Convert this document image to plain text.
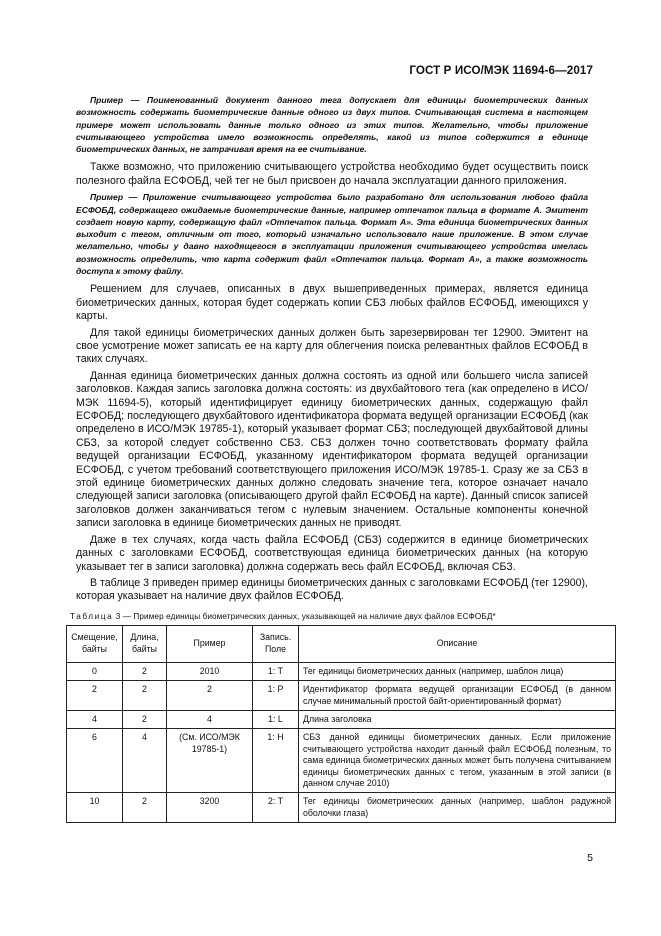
ГОСТ Р ИСО/МЭК 11694-6—2017

Пример — Поименованный документ данного тега допускает для единицы биометрических данных возможность содержать биометрические данные одного из двух типов. Считывающая система в настоящем примере может использовать данные только одного из этих типов. Желательно, чтобы приложение считывающего устройства имело возможность определять, какой из типов содержится в единице биометрических данных, не затрачивая время на ее считывание.

Также возможно, что приложению считывающего устройства необходимо будет осуществить поиск полезного файла ЕСФОБД, чей тег не был присвоен до начала эксплуатации данного приложения.

Пример — Приложение считывающего устройства было разработано для использования любого файла ЕСФОБД, содержащего ожидаемые биометрические данные, например отпечаток пальца в формате А. Эмитент создает новую карту, содержащую файл «Отпечаток пальца. Формат А». Эта единица биометрических данных выходит с тегом, отличным от того, который изначально использовало наше приложение. В этом случае желательно, чтобы у давно находящегося в эксплуатации приложения считывающего устройства имелась возможность определить, что карта содержит файл «Отпечаток пальца. Формат А», а также возможность доступа к этому файлу.

Решением для случаев, описанных в двух вышеприведенных примерах, является единица биометрических данных, которая будет содержать копии СБЗ любых файлов ЕСФОБД, имеющихся у карты.

Для такой единицы биометрических данных должен быть зарезервирован тег 12900. Эмитент на свое усмотрение может записать ее на карту для облегчения поиска релевантных файлов ЕСФОБД в таких случаях.

Данная единица биометрических данных должна состоять из одной или большего числа записей заголовков. Каждая запись заголовка должна состоять: из двухбайтового тега (как определено в ИСО/МЭК 11694-5), который идентифицирует единицу биометрических данных, содержащую файл ЕСФОБД; последующего двухбайтового идентификатора формата ведущей организации ЕСФОБД (как определено в ИСО/МЭК 19785-1), который указывает формат СБЗ; последующей двухбайтовой длины СБЗ, за которой следует собственно СБЗ. СБЗ должен точно соответствовать формату файла ведущей организации ЕСФОБД, указанному идентификатором формата ведущей организации ЕСФОБД, с учетом требований соответствующего приложения ИСО/МЭК 19785-1. Сразу же за СБЗ в этой единице биометрических данных должно следовать значение тега, которое означает начало следующей записи заголовка (описывающего другой файл ЕСФОБД на карте). Данный список записей заголовков должен заканчиваться тегом с нулевым значением. Остальные компоненты конечной записи заголовка в единице биометрических данных не приводят.

Даже в тех случаях, когда часть файла ЕСФОБД (СБЗ) содержится в единице биометрических данных с заголовками ЕСФОБД, соответствующая единица биометрических данных (на которую указывает тег в записи заголовка) должна содержать весь файл ЕСФОБД, включая СБЗ.

В таблице 3 приведен пример единицы биометрических данных с заголовками ЕСФОБД (тег 12900), которая указывает на наличие двух файлов ЕСФОБД.

Таблица 3 — Пример единицы биометрических данных, указывающей на наличие двух файлов ЕСФОБД*
Смещение, байты	Длина, байты	Пример	Запись. Поле	Описание
0	2	2010	1: T	Тег единицы биометрических данных (например, шаблон лица)
2	2	2	1: P	Идентификатор формата ведущей организации ЕСФОБД (в данном случае минимальный простой байт-ориентированный формат)
4	2	4	1: L	Длина заголовка
6	4	(См. ИСО/МЭК 19785-1)	1: H	СБЗ данной единицы биометрических данных. Если приложение считывающего устройства находит данный файл ЕСФОБД полезным, то сама единица биометрических данных может быть получена считыванием единицы биометрических данных с тегом, указанным в этой записи (в данном случае 2010)
10	2	3200	2: T	Тег единицы биометрических данных (например, шаблон радужной оболочки глаза)
5
